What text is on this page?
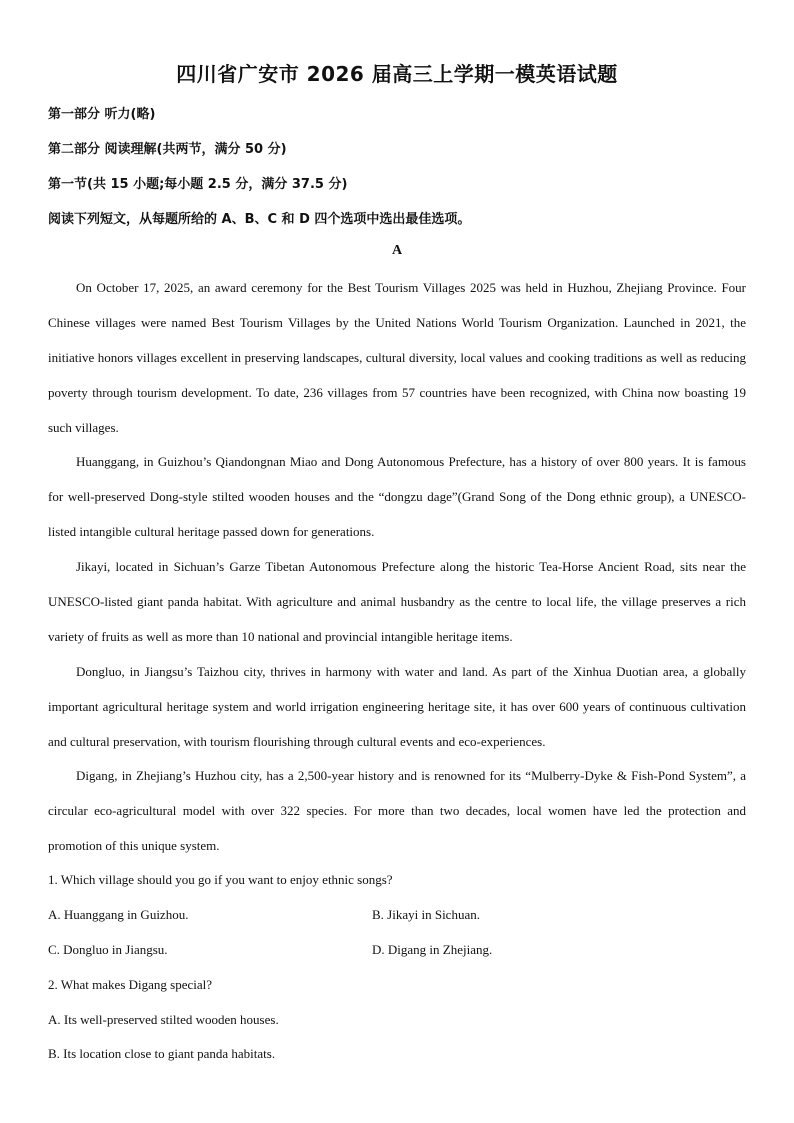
四川省广安市 2026 届高三上学期一模英语试题
第一部分 听力(略)
第二部分 阅读理解(共两节，满分 50 分)
第一节(共 15 小题;每小题 2.5 分，满分 37.5 分)
阅读下列短文，从每题所给的 A、B、C 和 D 四个选项中选出最佳选项。
A

On October 17, 2025, an award ceremony for the Best Tourism Villages 2025 was held in Huzhou, Zhejiang Province. Four Chinese villages were named Best Tourism Villages by the United Nations World Tourism Organization. Launched in 2021, the initiative honors villages excellent in preserving landscapes, cultural diversity, local values and cooking traditions as well as reducing poverty through tourism development. To date, 236 villages from 57 countries have been recognized, with China now boasting 19 such villages.

Huanggang, in Guizhou’s Qiandongnan Miao and Dong Autonomous Prefecture, has a history of over 800 years. It is famous for well-preserved Dong-style stilted wooden houses and the “dongzu dage”(Grand Song of the Dong ethnic group), a UNESCO-listed intangible cultural heritage passed down for generations.

Jikayi, located in Sichuan’s Garze Tibetan Autonomous Prefecture along the historic Tea-Horse Ancient Road, sits near the UNESCO-listed giant panda habitat. With agriculture and animal husbandry as the centre to local life, the village preserves a rich variety of fruits as well as more than 10 national and provincial intangible heritage items.

Dongluo, in Jiangsu’s Taizhou city, thrives in harmony with water and land. As part of the Xinhua Duotian area, a globally important agricultural heritage system and world irrigation engineering heritage site, it has over 600 years of continuous cultivation and cultural preservation, with tourism flourishing through cultural events and eco-experiences.

Digang, in Zhejiang’s Huzhou city, has a 2,500-year history and is renowned for its “Mulberry-Dyke & Fish-Pond System”, a circular eco-agricultural model with over 322 species. For more than two decades, local women have led the protection and promotion of this unique system.

1. Which village should you go if you want to enjoy ethnic songs?
A. Huanggang in Guizhou.	B. Jikayi in Sichuan.
C. Dongluo in Jiangsu.	D. Digang in Zhejiang.
2. What makes Digang special?
A. Its well-preserved stilted wooden houses.
B. Its location close to giant panda habitats.
